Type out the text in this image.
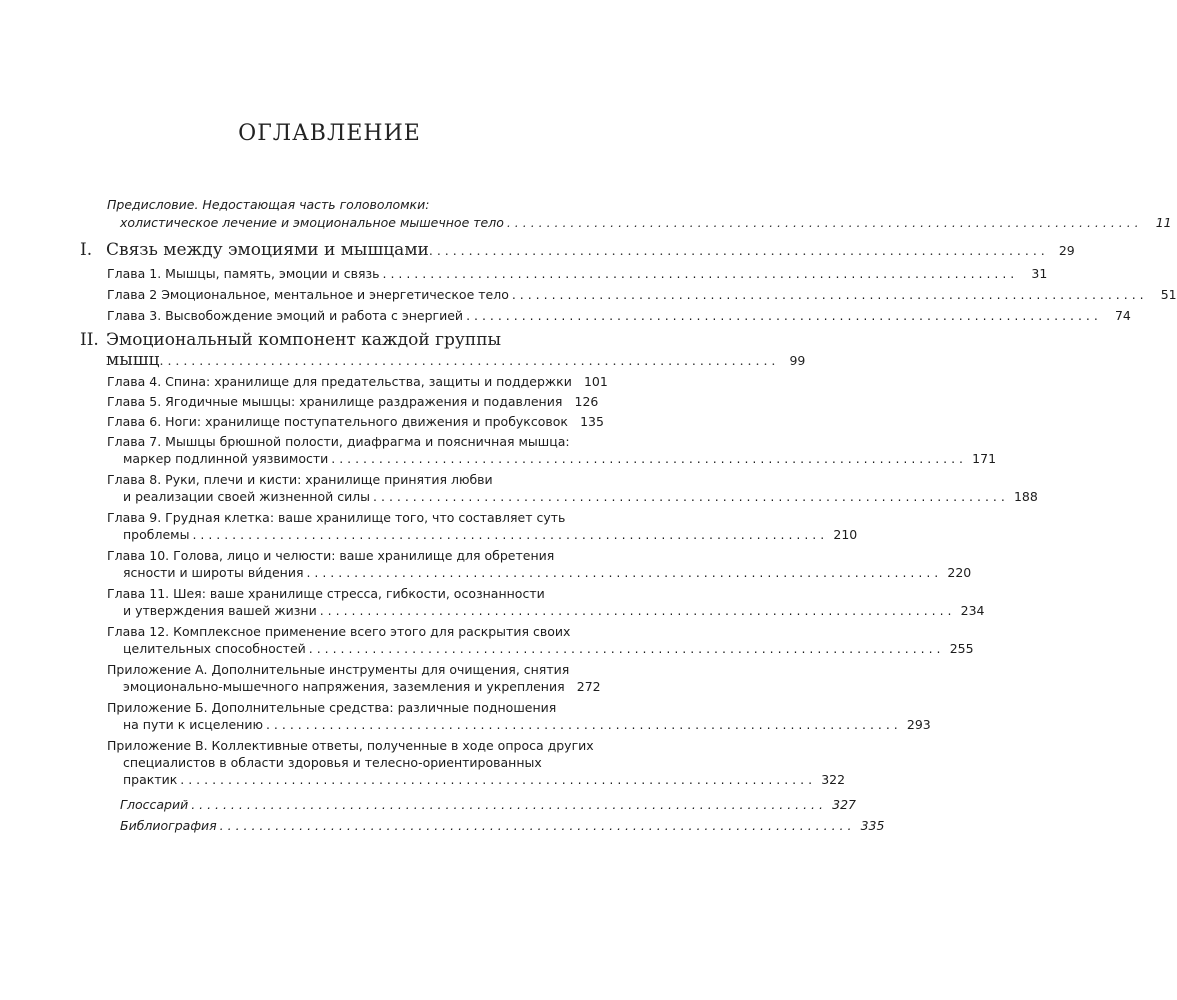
оглавление
Предисловие. Недостающая часть головоломки:
холистическое лечение и эмоциональное мышечное тело . . .	11
I. Связь между эмоциями и мышцами . . .	29
Глава 1. Мышцы, память, эмоции и связь . . . . . . . . . . . . . . . . . . . . . . . . . . . . . . . . . . . . . . . . . . . . . . . . . . . . . . . . . . . . . . . . . . . . . . . . . . . . . . . .	31
Глава 2 Эмоциональное, ментальное и энергетическое тело . . . . . . . . . . . . . . . . . . . . . . . . . . . . . . . . . . . . . . . . . . . . . . . . . . . . . . . . . . . . . . . . . . . . . . . . . . . . . . . .	51
Глава 3. Высвобождение эмоций и работа с энергией . . . . . . . . . . . . . . . . . . . . . . . . . . . . . . . . . . . . . . . . . . . . . . . . . . . . . . . . . . . . . . . . . . . . . . . . . . . . . . . .	74
II. Эмоциональный компонент каждой группы
мышц . . .	99
Глава 4. Спина: хранилище для предательства, защиты и поддержки 101
Глава 5. Ягодичные мышцы: хранилище раздражения и подавления 126
Глава 6. Ноги: хранилище поступательного движения и пробуксовок 135
Глава 7. Мышцы брюшной полости, диафрагма и поясничная мышца:
маркер подлинной уязвимости . . . . . . . . . . . . . . . . . . . . . . . . . . . . . . . . . . . . . . . . . . . . . . . . . . . . . . . . . . . . . . . . . . . . . . . . . . . . . . . . 171
Глава 8. Руки, плечи и кисти: хранилище принятия любви
и реализации своей жизненной силы . . . . . . . . . . . . . . . . . . . . . . . . . . . . . . . . . . . . . . . . . . . . . . . . . . . . . . . . . . . . . . . . . . . . . . . . . . . . . . . . 188
Глава 9. Грудная клетка: ваше хранилище того, что составляет суть
проблемы . . . . . . . . . . . . . . . . . . . . . . . . . . . . . . . . . . . . . . . . . . . . . . . . . . . . . . . . . . . . . . . . . . . . . . . . . . . . . . . . 210
Глава 10. Голова, лицо и челюсти: ваше хранилище для обретения
ясности и широты ви́дения . . . . . . . . . . . . . . . . . . . . . . . . . . . . . . . . . . . . . . . . . . . . . . . . . . . . . . . . . . . . . . . . . . . . . . . . . . . . . . . . 220
Глава 11. Шея: ваше хранилище стресса, гибкости, осознанности
и утверждения вашей жизни . . . . . . . . . . . . . . . . . . . . . . . . . . . . . . . . . . . . . . . . . . . . . . . . . . . . . . . . . . . . . . . . . . . . . . . . . . . . . . . . 234
Глава 12. Комплексное применение всего этого для раскрытия своих
целительных способностей . . . . . . . . . . . . . . . . . . . . . . . . . . . . . . . . . . . . . . . . . . . . . . . . . . . . . . . . . . . . . . . . . . . . . . . . . . . . . . . . 255
Приложение А. Дополнительные инструменты для очищения, снятия
эмоционально-мышечного напряжения, заземления и укрепления 272
Приложение Б. Дополнительные средства: различные подношения
на пути к исцелению . . . . . . . . . . . . . . . . . . . . . . . . . . . . . . . . . . . . . . . . . . . . . . . . . . . . . . . . . . . . . . . . . . . . . . . . . . . . . . . . 293
Приложение В. Коллективные ответы, полученные в ходе опроса других
специалистов в области здоровья и телесно-ориентированных
практик . . . . . . . . . . . . . . . . . . . . . . . . . . . . . . . . . . . . . . . . . . . . . . . . . . . . . . . . . . . . . . . . . . . . . . . . . . . . . . . . 322
Глоссарий . . . . . . . . . . . . . . . . . . . . . . . . . . . . . . . . . . . . . . . . . . . . . . . . . . . . . . . . . . . . . . . . . . . . . . . . . . . . . . . . 327
Библиография . . . . . . . . . . . . . . . . . . . . . . . . . . . . . . . . . . . . . . . . . . . . . . . . . . . . . . . . . . . . . . . . . . . . . . . . . . . . . . . . 335
